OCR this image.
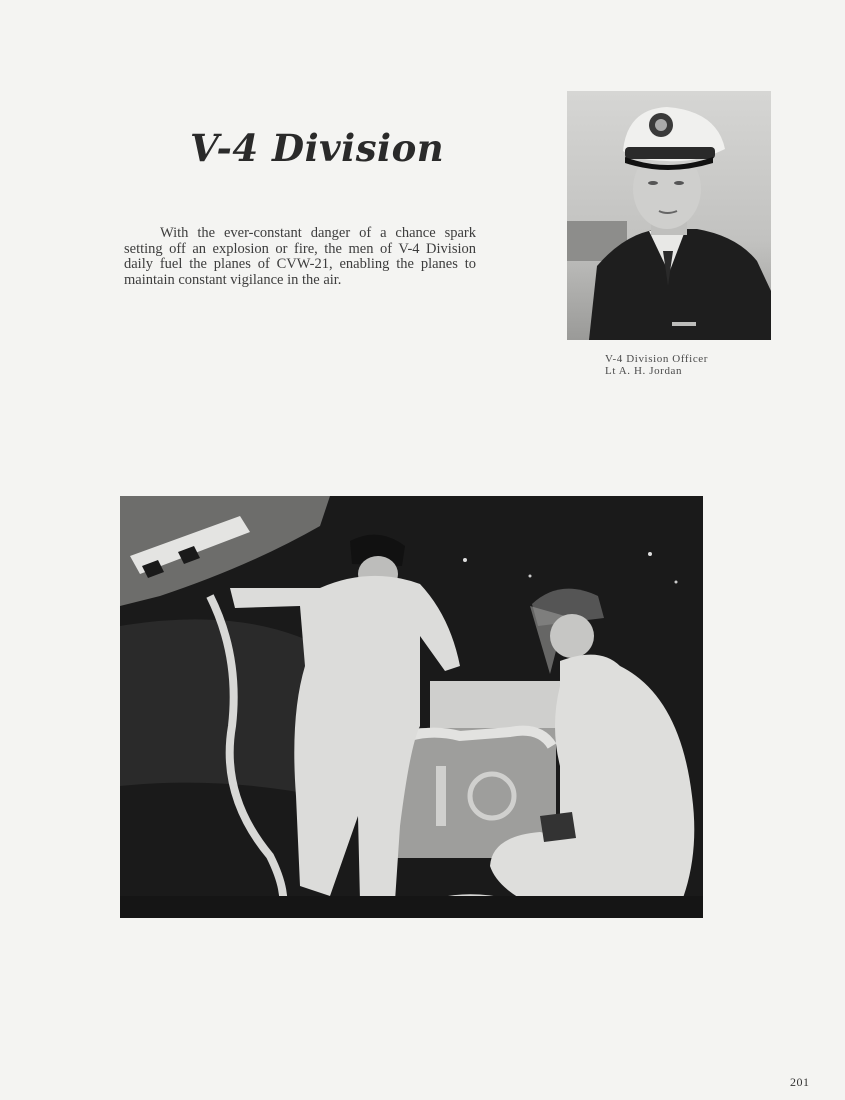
V-4 Division

With the ever-constant danger of a chance spark setting off an explosion or fire, the men of V-4 Division daily fuel the planes of CVW-21, enabling the planes to maintain constant vigilance in the air.

V-4 Division Officer
Lt A. H. Jordan
201
